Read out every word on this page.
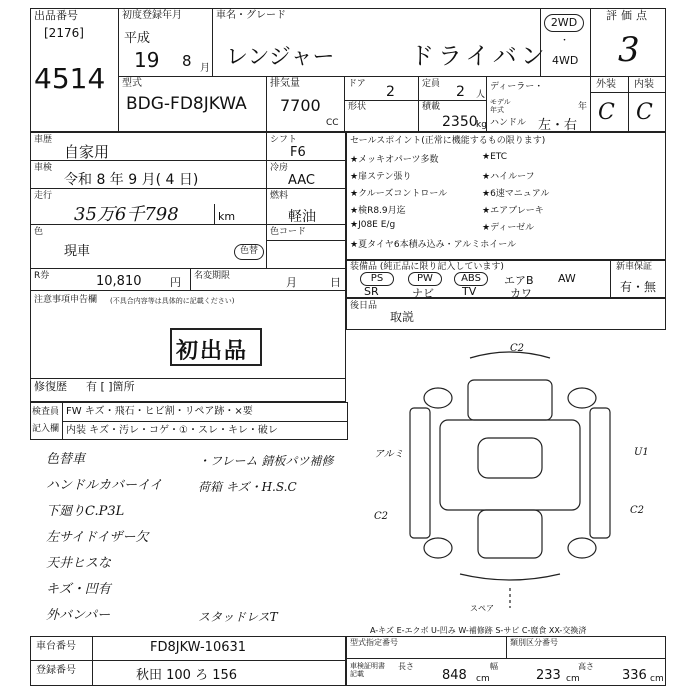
出品番号
[2176]
4514
初度登録年月
平成
19 8 月
車名・グレード
レンジャー	ドライバン
2WD
・
4WD
評価点
3
外装 内装
C C
型式
BDG-FD8JKWA
排気量
7700
CC
ドア 2	定員 2 人
ディーラー・
年
形状	積載
2350
kg
モデル 年式
ハンドル 左・右
車歴
自家用
シフト
F6
車検
令和 8 年 9 月( 4 日)
冷房
AAC
走行
35万6千798	km
燃料
軽油
色
現車	色替
色コード
R券	10,810	円 名変期限	月	日
注意事項申告欄 (不具合内容等は具体的に記載ください)
初出品
修復歴 有 [ ]箇所
セールスポイント(正常に機能するもの限ります)
★メッキオパーツ多数	★ETC
★扉ステン張り	★ハイルーフ
★クルーズコントロール	★6速マニュアル
★検R8.9月迄	★エアブレーキ
★J08E E/g	★ディーゼル
★夏タイヤ6本積み込み・アルミホイール
装備品 (純正品に限り記入しています)	新車保証
有・無
PS	PW	ABS	エアB AW
SR	ナビ	TV	カワ
後日品
取説
検査員
記入欄
FW キズ・飛石・ヒビ割・リペア跡・×要
内装 キズ・汚レ・コゲ・①・スレ・キレ・破レ
色替車
ハンドルカバーイイ
下廻りC.P3L
左サイドイザー欠
天井ヒスな
キズ・凹有
外バンパー
・フレーム 錆板パツ補修
荷箱 キズ・H.S.C
スタッドレスT
C2
アルミ	U1
C2
C2
スペア
A-キズ E-エクボ U-凹み W-補修跡 S-サビ C-腐食 XX-交換済
車台番号	FD8JKW-10631
登録番号	秋田 100 ろ 156
型式指定番号	類別区分番号
車検証明書記載
長さ
848 cm
幅
233 cm
高さ
336 cm
